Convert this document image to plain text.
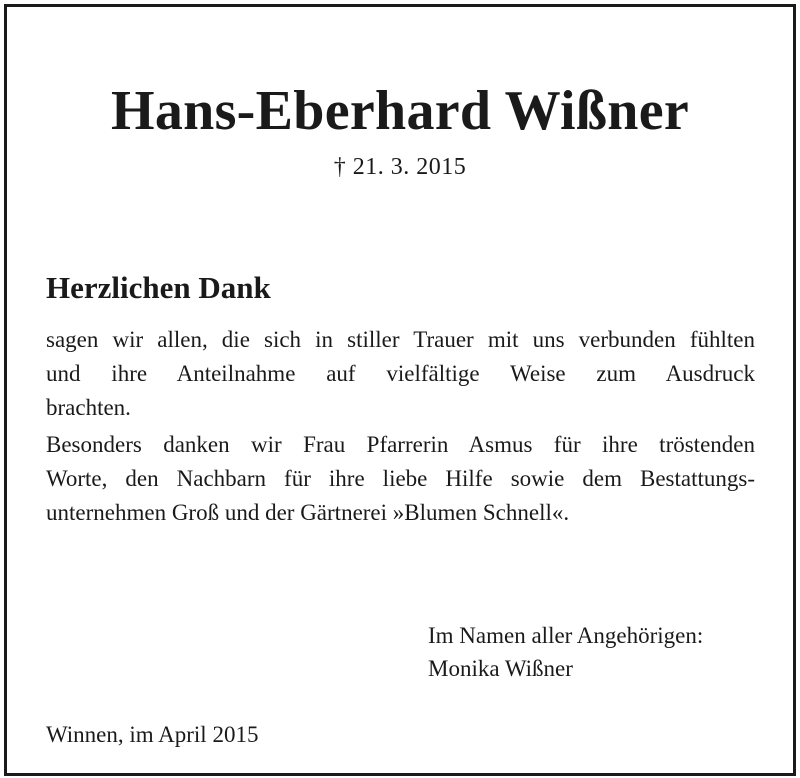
Hans-Eberhard Wißner
† 21. 3. 2015
Herzlichen Dank
sagen wir allen, die sich in stiller Trauer mit uns verbunden fühlten
und ihre Anteilnahme auf vielfältige Weise zum Ausdruck
brachten.
Besonders danken wir Frau Pfarrerin Asmus für ihre tröstenden
Worte, den Nachbarn für ihre liebe Hilfe sowie dem Bestattungs-
unternehmen Groß und der Gärtnerei »Blumen Schnell«.
Im Namen aller Angehörigen:
Monika Wißner
Winnen, im April 2015
